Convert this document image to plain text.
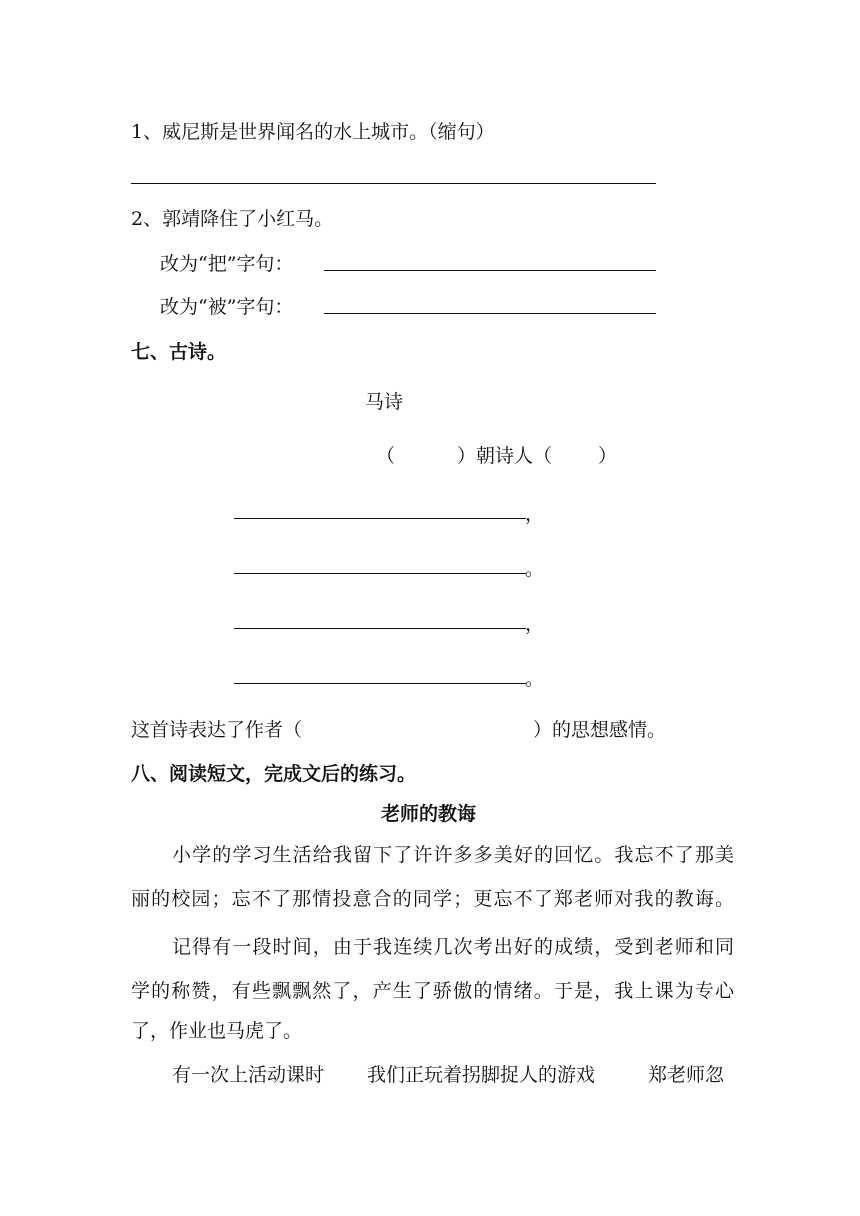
1、威尼斯是世界闻名的水上城市。（缩句）
2、郭靖降住了小红马。
改为“把”字句：
改为“被”字句：
七、古诗。
马诗
（	）朝诗人（ ）
，
。
，
。
这首诗表达了作者（	）的思想感情。
八、阅读短文，完成文后的练习。
老师的教诲
小学的学习生活给我留下了许许多多美好的回忆。我忘不了那美
丽的校园；忘不了那情投意合的同学；更忘不了郑老师对我的教诲。
记得有一段时间，由于我连续几次考出好的成绩，受到老师和同
学的称赞，有些飘飘然了，产生了骄傲的情绪。于是，我上课为专心
了，作业也马虎了。
有一次上活动课时 我们正玩着拐脚捉人的游戏	郑老师忽
